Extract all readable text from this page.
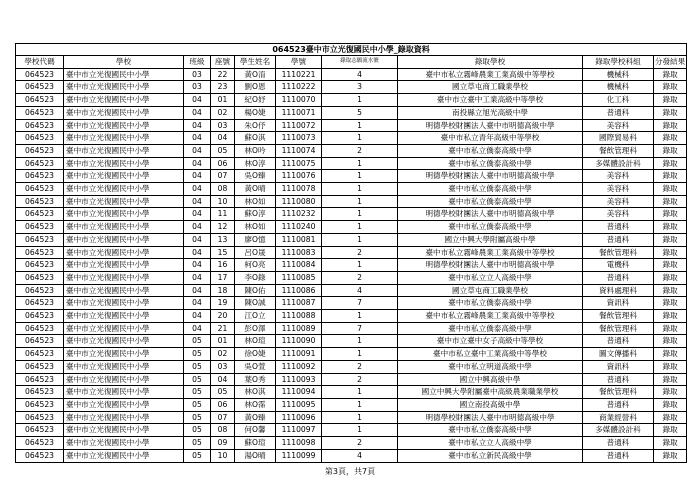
064523臺中市立光復國民中小學_錄取資料									
學校代碼	學校	班級	座號	學生姓名	學號	錄取志願流水號	錄取學校	錄取學校科組	分發結果
064523	臺中市立光復國民中小學	03	22	黃O淯	1110221	4	臺中市私立霧峰農業工業高級中等學校	機械科	錄取
064523	臺中市立光復國民中小學	03	23	劉O恩	1110222	3	國立草屯商工職業學校	機械科	錄取
064523	臺中市立光復國民中小學	04	01	紀O妤	1110070	1	臺中市立臺中工業高級中等學校	化工科	錄取
064523	臺中市立光復國民中小學	04	02	楊O婕	1110071	5	南投縣立旭光高級中學	普通科	錄取
064523	臺中市立光復國民中小學	04	03	朱O伃	1110072	1	明德學校財團法人臺中市明德高級中學	美容科	錄取
064523	臺中市立光復國民中小學	04	04	蘇O淇	1110073	1	臺中市私立青年高級中等學校	國際貿易科	錄取
064523	臺中市立光復國民中小學	04	05	林O吟	1110074	2	臺中市私立僑泰高級中學	餐飲管理科	錄取
064523	臺中市立光復國民中小學	04	06	林O淳	1110075	1	臺中市私立僑泰高級中學	多媒體設計科	錄取
064523	臺中市立光復國民中小學	04	07	吳O臻	1110076	1	明德學校財團法人臺中市明德高級中學	美容科	錄取
064523	臺中市立光復國民中小學	04	08	黃O晴	1110078	1	臺中市私立僑泰高級中學	美容科	錄取
064523	臺中市立光復國民中小學	04	10	林O如	1110080	1	臺中市私立僑泰高級中學	美容科	錄取
064523	臺中市立光復國民中小學	04	11	蘇O淳	1110232	1	明德學校財團法人臺中市明德高級中學	美容科	錄取
064523	臺中市立光復國民中小學	04	12	林O如	1110240	1	臺中市私立僑泰高級中學	普通科	錄取
064523	臺中市立光復國民中小學	04	13	廖O憶	1110081	1	國立中興大學附屬高級中學	普通科	錄取
064523	臺中市立光復國民中小學	04	15	呂O晟	1110083	2	臺中市私立霧峰農業工業高級中等學校	餐飲管理科	錄取
064523	臺中市立光復國民中小學	04	16	柯O亮	1110084	1	明德學校財團法人臺中市明德高級中學	電機科	錄取
064523	臺中市立光復國民中小學	04	17	李O錄	1110085	2	臺中市私立立人高級中學	普通科	錄取
064523	臺中市立光復國民中小學	04	18	陳O佑	1110086	4	國立草屯商工職業學校	資料處理科	錄取
064523	臺中市立光復國民中小學	04	19	陳O誠	1110087	7	臺中市私立僑泰高級中學	資訊科	錄取
064523	臺中市立光復國民中小學	04	20	江O立	1110088	1	臺中市私立霧峰農業工業高級中等學校	餐飲管理科	錄取
064523	臺中市立光復國民中小學	04	21	彭O澤	1110089	7	臺中市私立僑泰高級中學	餐飲管理科	錄取
064523	臺中市立光復國民中小學	05	01	林O瑄	1110090	1	臺中市立臺中女子高級中等學校	普通科	錄取
064523	臺中市立光復國民中小學	05	02	徐O婕	1110091	1	臺中市私立臺中工業高級中等學校	圖文傳播科	錄取
064523	臺中市立光復國民中小學	05	03	吳O萱	1110092	2	臺中市私立明道高級中學	資訊科	錄取
064523	臺中市立光復國民中小學	05	04	葉O秀	1110093	2	國立中興高級中學	普通科	錄取
064523	臺中市立光復國民中小學	05	05	林O淇	1110094	1	國立中興大學附屬臺中高級農業職業學校	餐飲管理科	錄取
064523	臺中市立光復國民中小學	05	06	林O霈	1110095	1	國立南投高級中學	普通科	錄取
064523	臺中市立光復國民中小學	05	07	黃O臻	1110096	1	明德學校財團法人臺中市明德高級中學	商業經營科	錄取
064523	臺中市立光復國民中小學	05	08	何O馨	1110097	1	臺中市私立僑泰高級中學	多媒體設計科	錄取
064523	臺中市立光復國民中小學	05	09	蘇O瑄	1110098	2	臺中市私立立人高級中學	普通科	錄取
064523	臺中市立光復國民中小學	05	10	湯O晴	1110099	4	臺中市私立新民高級中學	普通科	錄取
第3頁，共7頁
